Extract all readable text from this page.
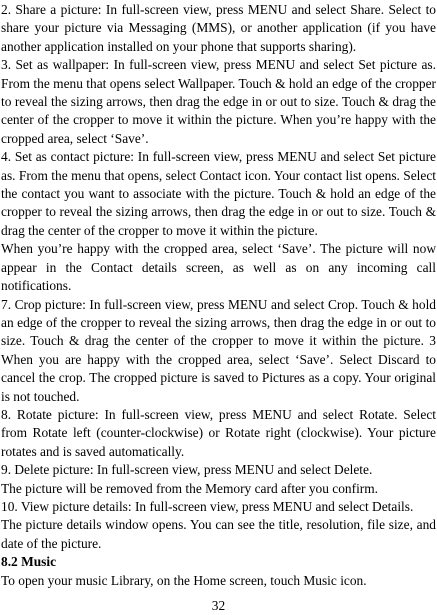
2. Share a picture: In full-screen view, press MENU and select Share. Select to share your picture via Messaging (MMS), or another application (if you have another application installed on your phone that supports sharing).

3. Set as wallpaper: In full-screen view, press MENU and select Set picture as. From the menu that opens select Wallpaper. Touch & hold an edge of the cropper to reveal the sizing arrows, then drag the edge in or out to size. Touch & drag the center of the cropper to move it within the picture. When you’re happy with the cropped area, select ‘Save’.

4. Set as contact picture: In full-screen view, press MENU and select Set picture as. From the menu that opens, select Contact icon. Your contact list opens. Select the contact you want to associate with the picture. Touch & hold an edge of the cropper to reveal the sizing arrows, then drag the edge in or out to size. Touch & drag the center of the cropper to move it within the picture.

When you’re happy with the cropped area, select ‘Save’. The picture will now appear in the Contact details screen, as well as on any incoming call notifications.

7. Crop picture: In full-screen view, press MENU and select Crop. Touch & hold an edge of the cropper to reveal the sizing arrows, then drag the edge in or out to size. Touch & drag the center of the cropper to move it within the picture. 3 When you are happy with the cropped area, select ‘Save’. Select Discard to cancel the crop. The cropped picture is saved to Pictures as a copy. Your original is not touched.

8. Rotate picture: In full-screen view, press MENU and select Rotate. Select from Rotate left (counter-clockwise) or Rotate right (clockwise). Your picture rotates and is saved automatically.

9. Delete picture: In full-screen view, press MENU and select Delete.

The picture will be removed from the Memory card after you confirm.

10. View picture details: In full-screen view, press MENU and select Details.

The picture details window opens. You can see the title, resolution, file size, and date of the picture.

8.2 Music

To open your music Library, on the Home screen, touch Music icon.

32
